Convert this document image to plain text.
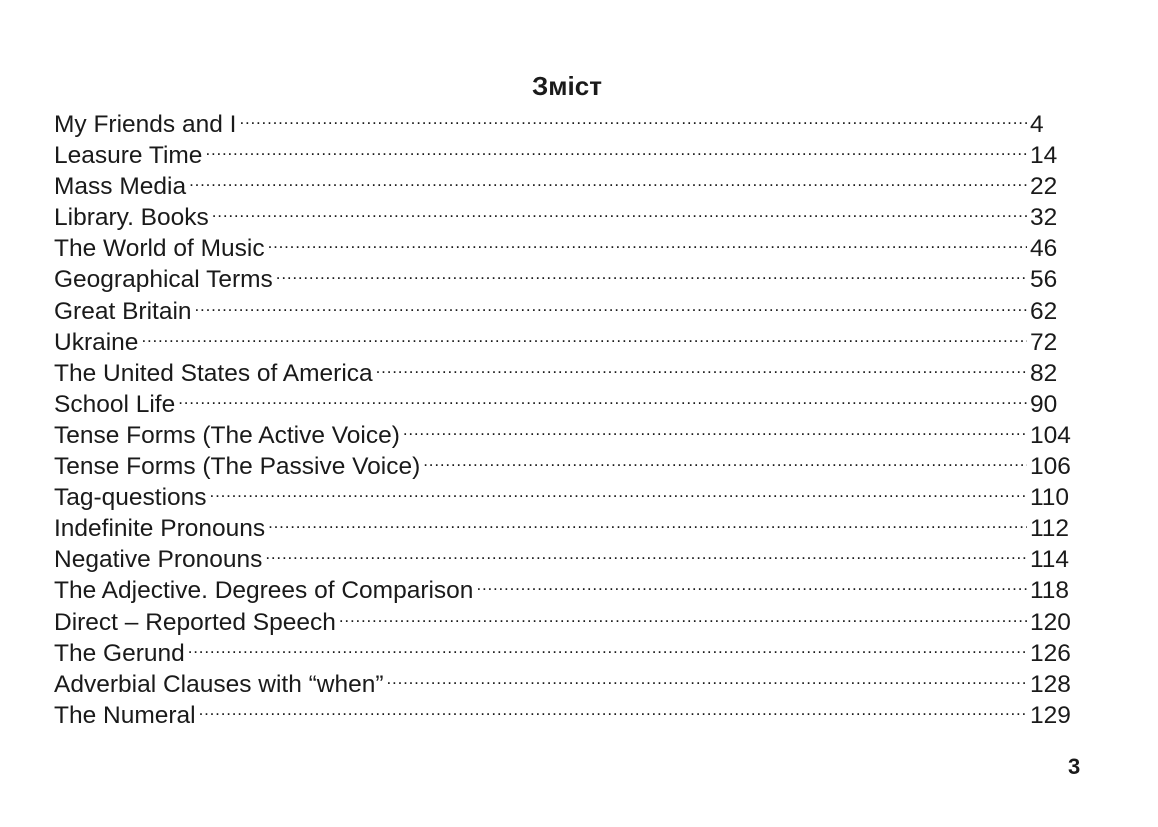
Зміст
My Friends and I .....	4
Leasure Time .....	14
Mass Media .....	22
Library. Books .....	32
The World of Music .....	46
Geographical Terms .....	56
Great Britain .....	62
Ukraine .....	72
The United States of America .....	82
School Life .....	90
Tense Forms (The Active Voice) .....	104
Tense Forms (The Passive Voice) .....	106
Tag-questions .....	110
Indefinite Pronouns .....	112
Negative Pronouns .....	114
The Adjective. Degrees of Comparison .....	118
Direct – Reported Speech .....	120
The Gerund .....	126
Adverbial Clauses with “when” .....	128
The Numeral .....	129
3
